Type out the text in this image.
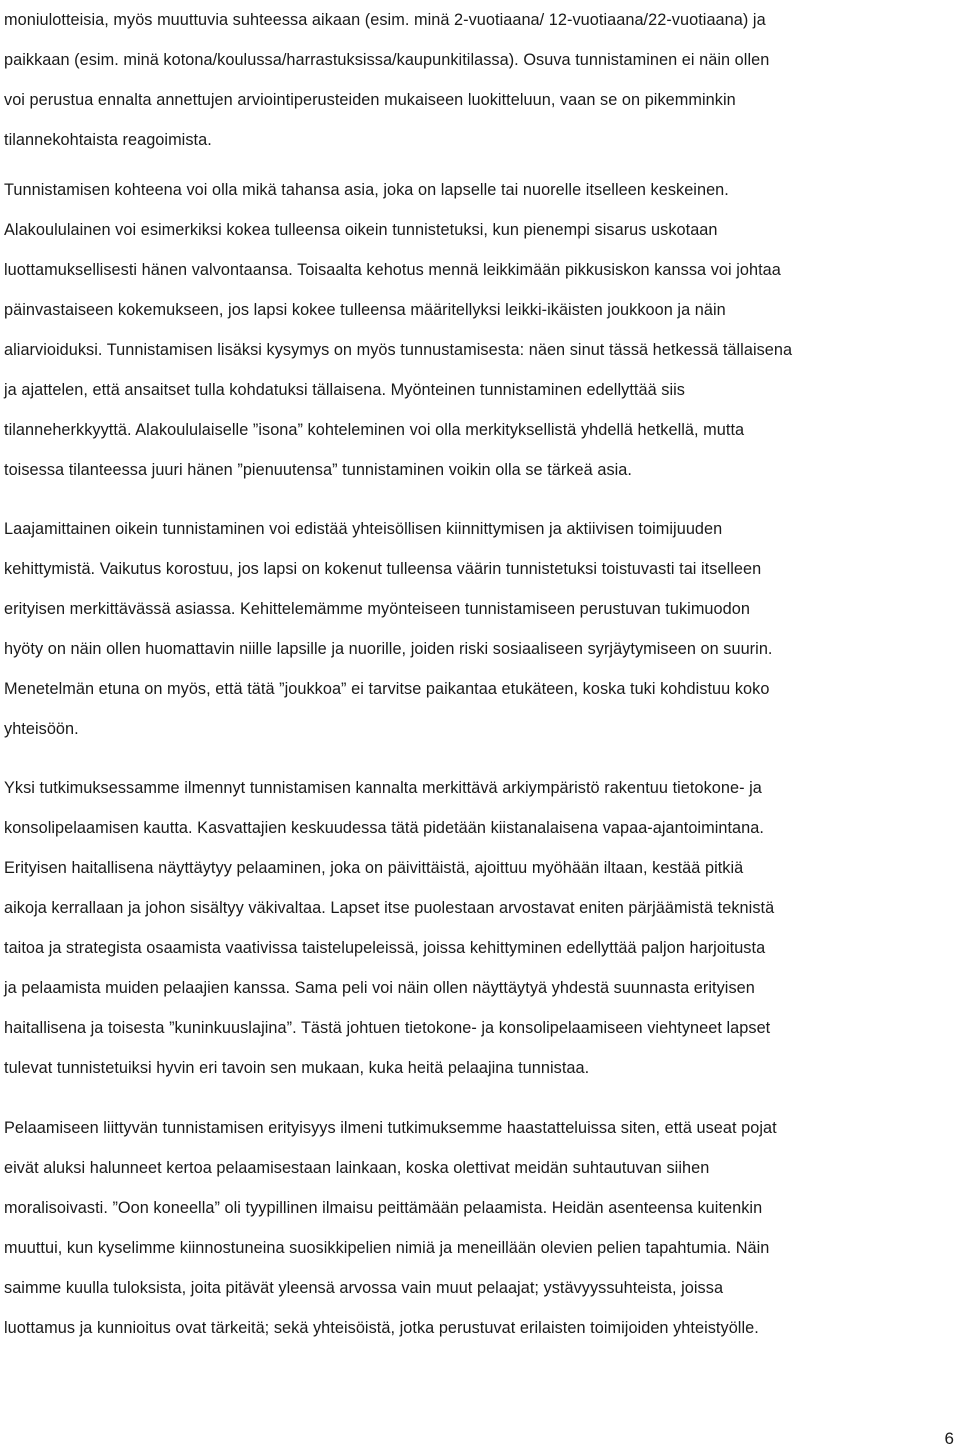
moniulotteisia, myös muuttuvia suhteessa aikaan (esim. minä 2-vuotiaana/ 12-vuotiaana/22-vuotiaana) ja
paikkaan (esim. minä kotona/koulussa/harrastuksissa/kaupunkitilassa). Osuva tunnistaminen ei näin ollen
voi perustua ennalta annettujen arviointiperusteiden mukaiseen luokitteluun, vaan se on pikemminkin
tilannekohtaista reagoimista.
Tunnistamisen kohteena voi olla mikä tahansa asia, joka on lapselle tai nuorelle itselleen keskeinen.
Alakoululainen voi esimerkiksi kokea tulleensa oikein tunnistetuksi, kun pienempi sisarus uskotaan
luottamuksellisesti hänen valvontaansa. Toisaalta kehotus mennä leikkimään pikkusiskon kanssa voi johtaa
päinvastaiseen kokemukseen, jos lapsi kokee tulleensa määritellyksi leikki-ikäisten joukkoon ja näin
aliarvioiduksi. Tunnistamisen lisäksi kysymys on myös tunnustamisesta: näen sinut tässä hetkessä tällaisena
ja ajattelen, että ansaitset tulla kohdatuksi tällaisena. Myönteinen tunnistaminen edellyttää siis
tilanneherkkyyttä. Alakoululaiselle ”isona” kohteleminen voi olla merkityksellistä yhdellä hetkellä, mutta
toisessa tilanteessa juuri hänen ”pienuutensa” tunnistaminen voikin olla se tärkeä asia.
Laajamittainen oikein tunnistaminen voi edistää yhteisöllisen kiinnittymisen ja aktiivisen toimijuuden
kehittymistä. Vaikutus korostuu, jos lapsi on kokenut tulleensa väärin tunnistetuksi toistuvasti tai itselleen
erityisen merkittävässä asiassa. Kehittelemämme myönteiseen tunnistamiseen perustuvan tukimuodon
hyöty on näin ollen huomattavin niille lapsille ja nuorille, joiden riski sosiaaliseen syrjäytymiseen on suurin.
Menetelmän etuna on myös, että tätä ”joukkoa” ei tarvitse paikantaa etukäteen, koska tuki kohdistuu koko
yhteisöön.
Yksi tutkimuksessamme ilmennyt tunnistamisen kannalta merkittävä arkiympäristö rakentuu tietokone- ja
konsolipelaamisen kautta. Kasvattajien keskuudessa tätä pidetään kiistanalaisena vapaa-ajantoimintana.
Erityisen haitallisena näyttäytyy pelaaminen, joka on päivittäistä, ajoittuu myöhään iltaan, kestää pitkiä
aikoja kerrallaan ja johon sisältyy väkivaltaa. Lapset itse puolestaan arvostavat eniten pärjäämistä teknistä
taitoa ja strategista osaamista vaativissa taistelupeleissä, joissa kehittyminen edellyttää paljon harjoitusta
ja pelaamista muiden pelaajien kanssa. Sama peli voi näin ollen näyttäytyä yhdestä suunnasta erityisen
haitallisena ja toisesta ”kuninkuuslajina”. Tästä johtuen tietokone- ja konsolipelaamiseen viehtyneet lapset
tulevat tunnistetuiksi hyvin eri tavoin sen mukaan, kuka heitä pelaajina tunnistaa.
Pelaamiseen liittyvän tunnistamisen erityisyys ilmeni tutkimuksemme haastatteluissa siten, että useat pojat
eivät aluksi halunneet kertoa pelaamisestaan lainkaan, koska olettivat meidän suhtautuvan siihen
moralisoivasti. ”Oon koneella” oli tyypillinen ilmaisu peittämään pelaamista. Heidän asenteensa kuitenkin
muuttui, kun kyselimme kiinnostuneina suosikkipelien nimiä ja meneillään olevien pelien tapahtumia. Näin
saimme kuulla tuloksista, joita pitävät yleensä arvossa vain muut pelaajat; ystävyyssuhteista, joissa
luottamus ja kunnioitus ovat tärkeitä; sekä yhteisöistä, jotka perustuvat erilaisten toimijoiden yhteistyölle.
6
